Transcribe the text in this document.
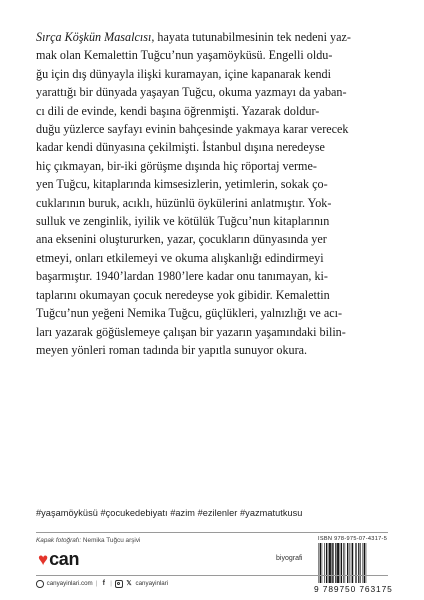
Sırça Köşkün Masalcısı, hayata tutunabilmesinin tek nedeni yaz-
mak olan Kemalettin Tuğcu’nun yaşamöyküsü. Engelli oldu-
ğu için dış dünyayla ilişki kuramayan, içine kapanarak kendi
yarattığı bir dünyada yaşayan Tuğcu, okuma yazmayı da yaban-
cı dili de evinde, kendi başına öğrenmişti. Yazarak doldur-
duğu yüzlerce sayfayı evinin bahçesinde yakmaya karar verecek
kadar kendi dünyasına çekilmişti. İstanbul dışına neredeyse
hiç çıkmayan, bir-iki görüşme dışında hiç röportaj verme-
yen Tuğcu, kitaplarında kimsesizlerin, yetimlerin, sokak ço-
cuklarının buruk, acıklı, hüzünlü öykülerini anlatmıştır. Yok-
sulluk ve zenginlik, iyilik ve kötülük Tuğcu’nun kitaplarının
ana eksenini oluştururken, yazar, çocukların dünyasında yer
etmeyi, onları etkilemeyi ve okuma alışkanlığı edindirmeyi
başarmıştır. 1940’lardan 1980’lere kadar onu tanımayan, ki-
taplarını okumayan çocuk neredeyse yok gibidir. Kemalettin
Tuğcu’nun yeğeni Nemika Tuğcu, güçlükleri, yalnızlığı ve acı-
ları yazarak göğüslemeye çalışan bir yazarın yaşamındaki bilin-
meyen yönleri roman tadında bir yapıtla sunuyor okura.

#yaşamöyküsü #çocukedebiyatı #azim #ezilenler #yazmatutkusu
Kapak fotoğrafı: Nemika Tuğcu arşivi
♥ can	biyografi
ISBN 978-975-07-4317-5
9 789750 763175
canyayinlari.com | f | 𝕏 canyayinlari
